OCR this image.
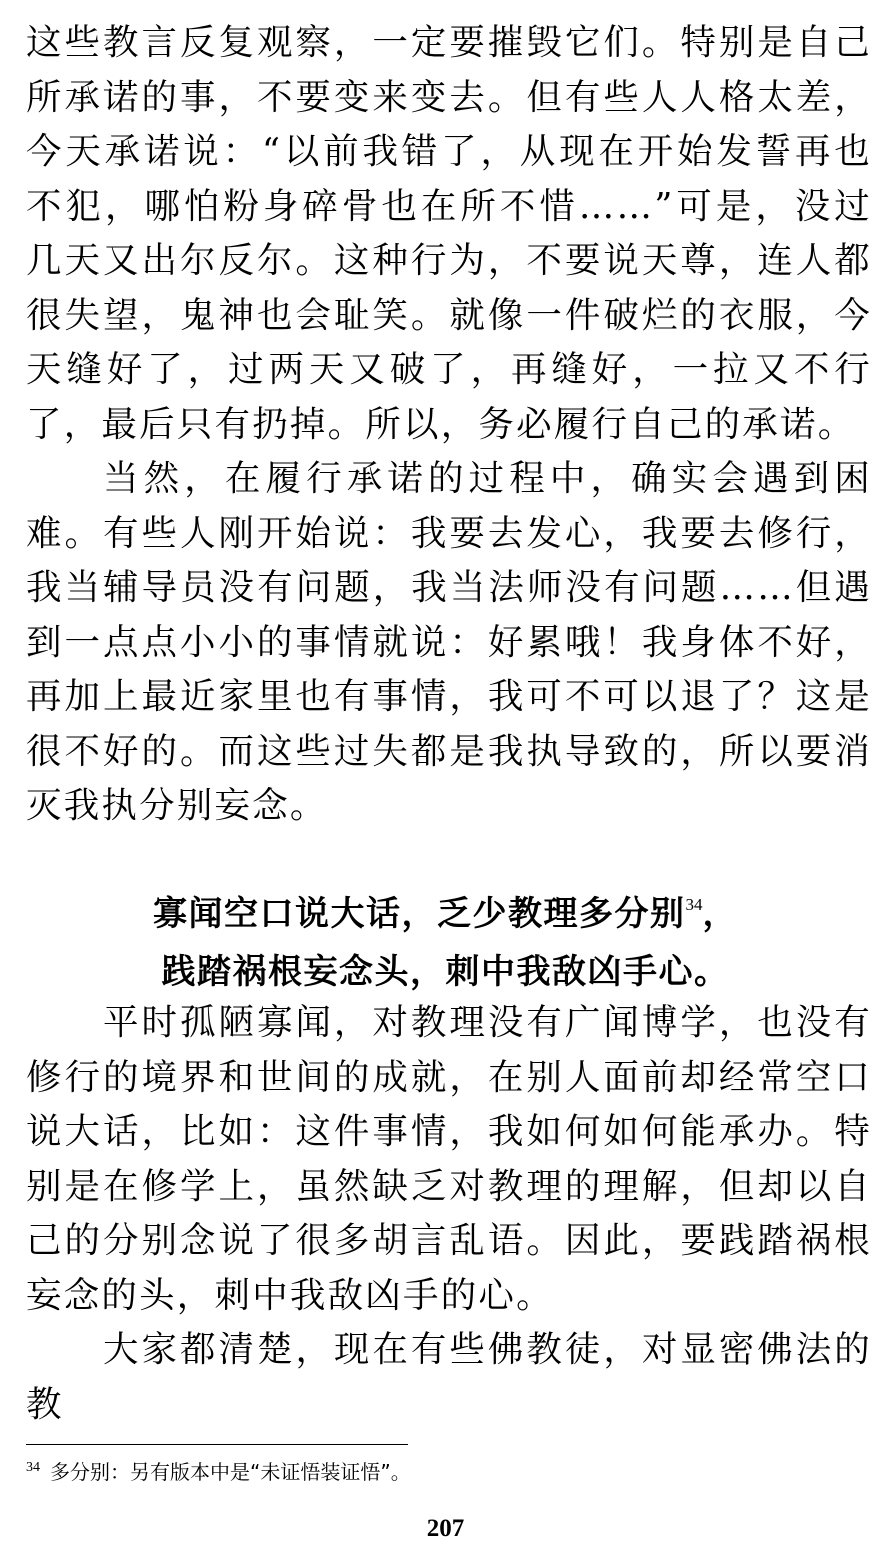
这些教言反复观察，一定要摧毁它们。特别是自己所承诺的事，不要变来变去。但有些人人格太差，今天承诺说：“以前我错了，从现在开始发誓再也不犯，哪怕粉身碎骨也在所不惜……”可是，没过几天又出尔反尔。这种行为，不要说天尊，连人都很失望，鬼神也会耻笑。就像一件破烂的衣服，今天缝好了，过两天又破了，再缝好，一拉又不行了，最后只有扔掉。所以，务必履行自己的承诺。

当然，在履行承诺的过程中，确实会遇到困难。有些人刚开始说：我要去发心，我要去修行，我当辅导员没有问题，我当法师没有问题……但遇到一点点小小的事情就说：好累哦！我身体不好，再加上最近家里也有事情，我可不可以退了？这是很不好的。而这些过失都是我执导致的，所以要消灭我执分别妄念。

寡闻空口说大话，乏少教理多分别$^{34}$，

践踏祸根妄念头，刺中我敌凶手心。

平时孤陋寡闻，对教理没有广闻博学，也没有修行的境界和世间的成就，在别人面前却经常空口说大话，比如：这件事情，我如何如何能承办。特别是在修学上，虽然缺乏对教理的理解，但却以自己的分别念说了很多胡言乱语。因此，要践踏祸根妄念的头，刺中我敌凶手的心。

大家都清楚，现在有些佛教徒，对显密佛法的教

$^{34}$ 多分别：另有版本中是“未证悟装证悟”。

207
